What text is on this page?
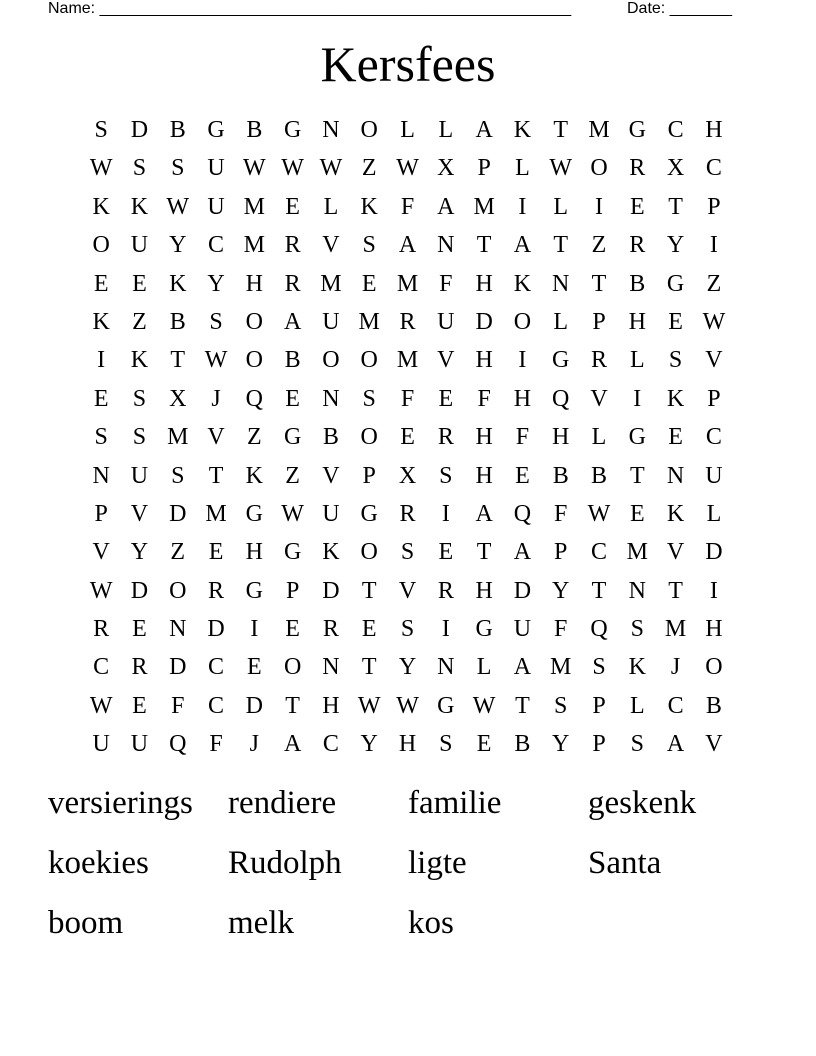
Name: _____________________________________________________	Date: _______
Kersfees
S D B G B G N O L L A K T M G C H
W S	S U W W W Z W X P	L W O R X C
K K W U M E L K F A M I	L	I	E T	P
O U Y C M R V S A N T A T Z R Y	I
E E K Y H R M E M F H K N T B G Z
K Z B S O A U M R U D O L	P H E W
I	K T W O B O O M V H	I	G R L	S V
E	S X	J	Q E N S	F	E	F H Q V	I	K P
S	S M V Z G B O E R H F H L G E C
N U S	T K Z V P X S H E B B T N U
P V D M G W U G R	I	A Q F W E K L
V Y Z E H G K O S	E T A P C M V D
W D O R G P D T V R H D Y T N T	I
R E N D	I	E R E	S	I	G U F Q S M H
C R D C E O N T Y N L A M S K	J	O
W E	F C D T H W W G W T	S	P	L C B
U U Q F	J	A C Y H S	E B Y P	S A V
versierings	rendiere	familie	geskenk
koekies	Rudolph	ligte	Santa
boom	melk	kos
